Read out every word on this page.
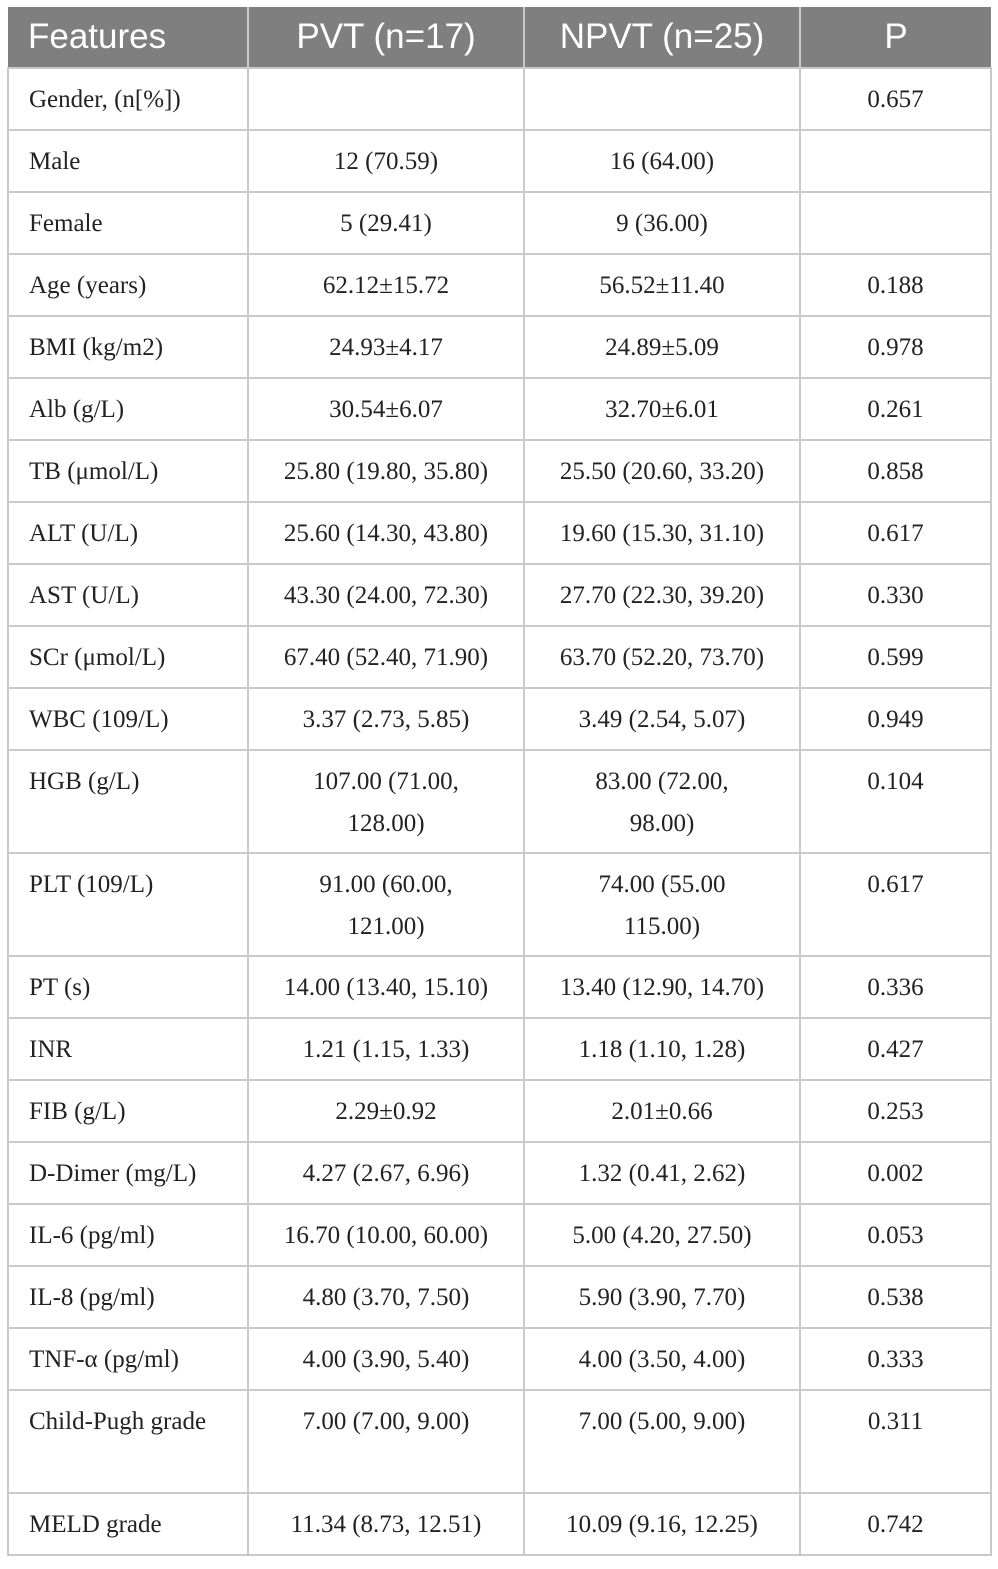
Features	PVT (n=17)	NPVT (n=25)	P

Gender, (n[%])			0.657

Male	12 (70.59)	16 (64.00)	

Female	5 (29.41)	9 (36.00)	

Age (years)	62.12±15.72	56.52±11.40	0.188

BMI (kg/m2)	24.93±4.17	24.89±5.09	0.978

Alb (g/L)	30.54±6.07	32.70±6.01	0.261

TB (μmol/L)	25.80 (19.80, 35.80)	25.50 (20.60, 33.20)	0.858

ALT (U/L)	25.60 (14.30, 43.80)	19.60 (15.30, 31.10)	0.617

AST (U/L)	43.30 (24.00, 72.30)	27.70 (22.30, 39.20)	0.330

SCr (μmol/L)	67.40 (52.40, 71.90)	63.70 (52.20, 73.70)	0.599

WBC (109/L)	3.37 (2.73, 5.85)	3.49 (2.54, 5.07)	0.949

HGB (g/L)	107.00 (71.00, 128.00)	83.00 (72.00, 98.00)	0.104

PLT (109/L)	91.00 (60.00, 121.00)	74.00 (55.00 115.00)	0.617

PT (s)	14.00 (13.40, 15.10)	13.40 (12.90, 14.70)	0.336

INR	1.21 (1.15, 1.33)	1.18 (1.10, 1.28)	0.427

FIB (g/L)	2.29±0.92	2.01±0.66	0.253

D-Dimer (mg/L)	4.27 (2.67, 6.96)	1.32 (0.41, 2.62)	0.002

IL-6 (pg/ml)	16.70 (10.00, 60.00)	5.00 (4.20, 27.50)	0.053

IL-8 (pg/ml)	4.80 (3.70, 7.50)	5.90 (3.90, 7.70)	0.538

TNF-α (pg/ml)	4.00 (3.90, 5.40)	4.00 (3.50, 4.00)	0.333

Child-Pugh grade	7.00 (7.00, 9.00)	7.00 (5.00, 9.00)	0.311

MELD grade	11.34 (8.73, 12.51)	10.09 (9.16, 12.25)	0.742
